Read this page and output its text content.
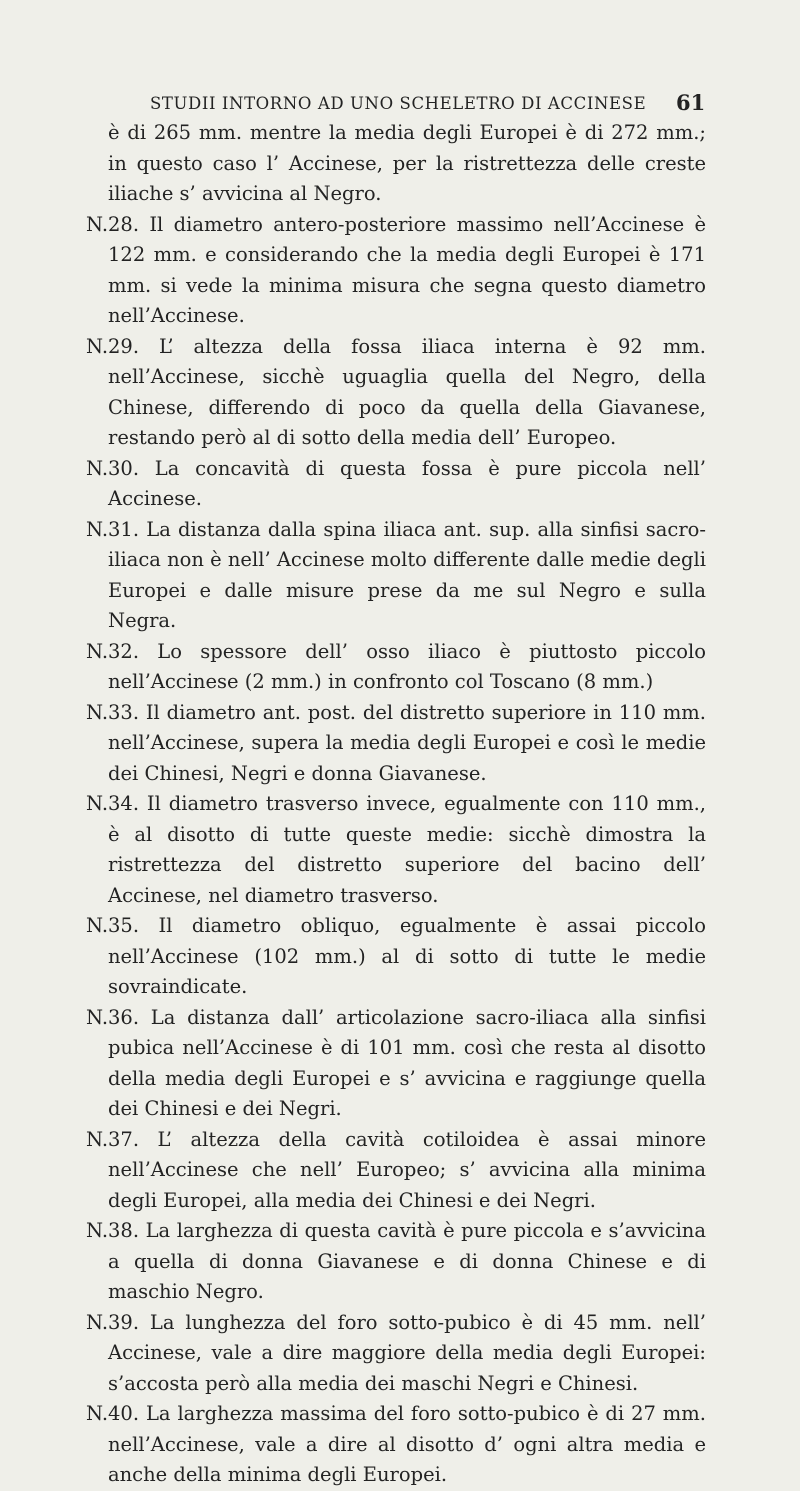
STUDII INTORNO AD UNO SCHELETRO DI ACCINESE	61

è di 265 mm. mentre la media degli Europei è di 272 mm.; in questo caso l’ Accinese, per la ristrettezza delle creste iliache s’ avvicina al Negro.

N.28. Il diametro antero-posteriore massimo nell’Accinese è 122 mm. e considerando che la media degli Europei è 171 mm. si vede la minima misura che segna questo diametro nell’Accinese.

N.29. L’ altezza della fossa iliaca interna è 92 mm. nell’Accinese, sicchè uguaglia quella del Negro, della Chinese, differendo di poco da quella della Giavanese, restando però al di sotto della media dell’ Europeo.

N.30. La concavità di questa fossa è pure piccola nell’ Accinese.

N.31. La distanza dalla spina iliaca ant. sup. alla sinfisi sacro-iliaca non è nell’ Accinese molto differente dalle medie degli Europei e dalle misure prese da me sul Negro e sulla Negra.

N.32. Lo spessore dell’ osso iliaco è piuttosto piccolo nell’Accinese (2 mm.) in confronto col Toscano (8 mm.)

N.33. Il diametro ant. post. del distretto superiore in 110 mm. nell’Accinese, supera la media degli Europei e così le medie dei Chinesi, Negri e donna Giavanese.

N.34. Il diametro trasverso invece, egualmente con 110 mm., è al disotto di tutte queste medie: sicchè dimostra la ristrettezza del distretto superiore del bacino dell’ Accinese, nel diametro trasverso.

N.35. Il diametro obliquo, egualmente è assai piccolo nell’Accinese (102 mm.) al di sotto di tutte le medie sovraindicate.

N.36. La distanza dall’ articolazione sacro-iliaca alla sinfisi pubica nell’Accinese è di 101 mm. così che resta al disotto della media degli Europei e s’ avvicina e raggiunge quella dei Chinesi e dei Negri.

N.37. L’ altezza della cavità cotiloidea è assai minore nell’Accinese che nell’ Europeo; s’ avvicina alla minima degli Europei, alla media dei Chinesi e dei Negri.

N.38. La larghezza di questa cavità è pure piccola e s’avvicina a quella di donna Giavanese e di donna Chinese e di maschio Negro.

N.39. La lunghezza del foro sotto-pubico è di 45 mm. nell’ Accinese, vale a dire maggiore della media degli Europei: s’accosta però alla media dei maschi Negri e Chinesi.

N.40. La larghezza massima del foro sotto-pubico è di 27 mm. nell’Accinese, vale a dire al disotto d’ ogni altra media e anche della minima degli Europei.
